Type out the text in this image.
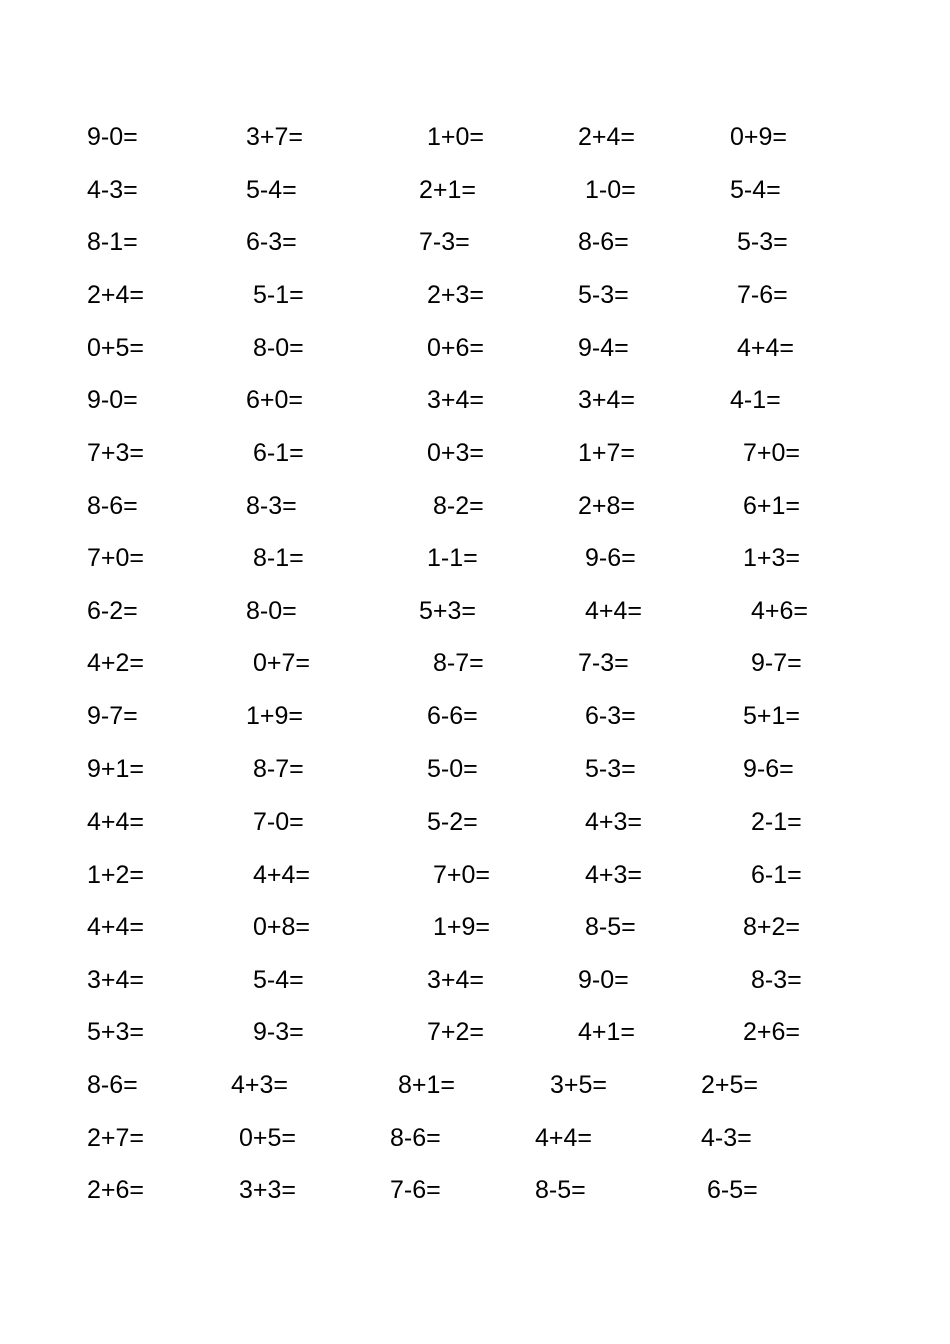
9-0=	3+7=	1+0=	2+4=	0+9=
4-3=	5-4=	2+1=	1-0=	5-4=
8-1=	6-3=	7-3=	8-6=	5-3=
2+4=	5-1=	2+3=	5-3=	7-6=
0+5=	8-0=	0+6=	9-4=	4+4=
9-0=	6+0=	3+4=	3+4=	4-1=
7+3=	6-1=	0+3=	1+7=	7+0=
8-6=	8-3=	8-2=	2+8=	6+1=
7+0=	8-1=	1-1=	9-6=	1+3=
6-2=	8-0=	5+3=	4+4=	4+6=
4+2=	0+7=	8-7=	7-3=	9-7=
9-7=	1+9=	6-6=	6-3=	5+1=
9+1=	8-7=	5-0=	5-3=	9-6=
4+4=	7-0=	5-2=	4+3=	2-1=
1+2=	4+4=	7+0=	4+3=	6-1=
4+4=	0+8=	1+9=	8-5=	8+2=
3+4=	5-4=	3+4=	9-0=	8-3=
5+3=	9-3=	7+2=	4+1=	2+6=
8-6=	4+3=	8+1=	3+5=	2+5=
2+7=	0+5=	8-6=	4+4=	4-3=
2+6=	3+3=	7-6=	8-5=	6-5=
